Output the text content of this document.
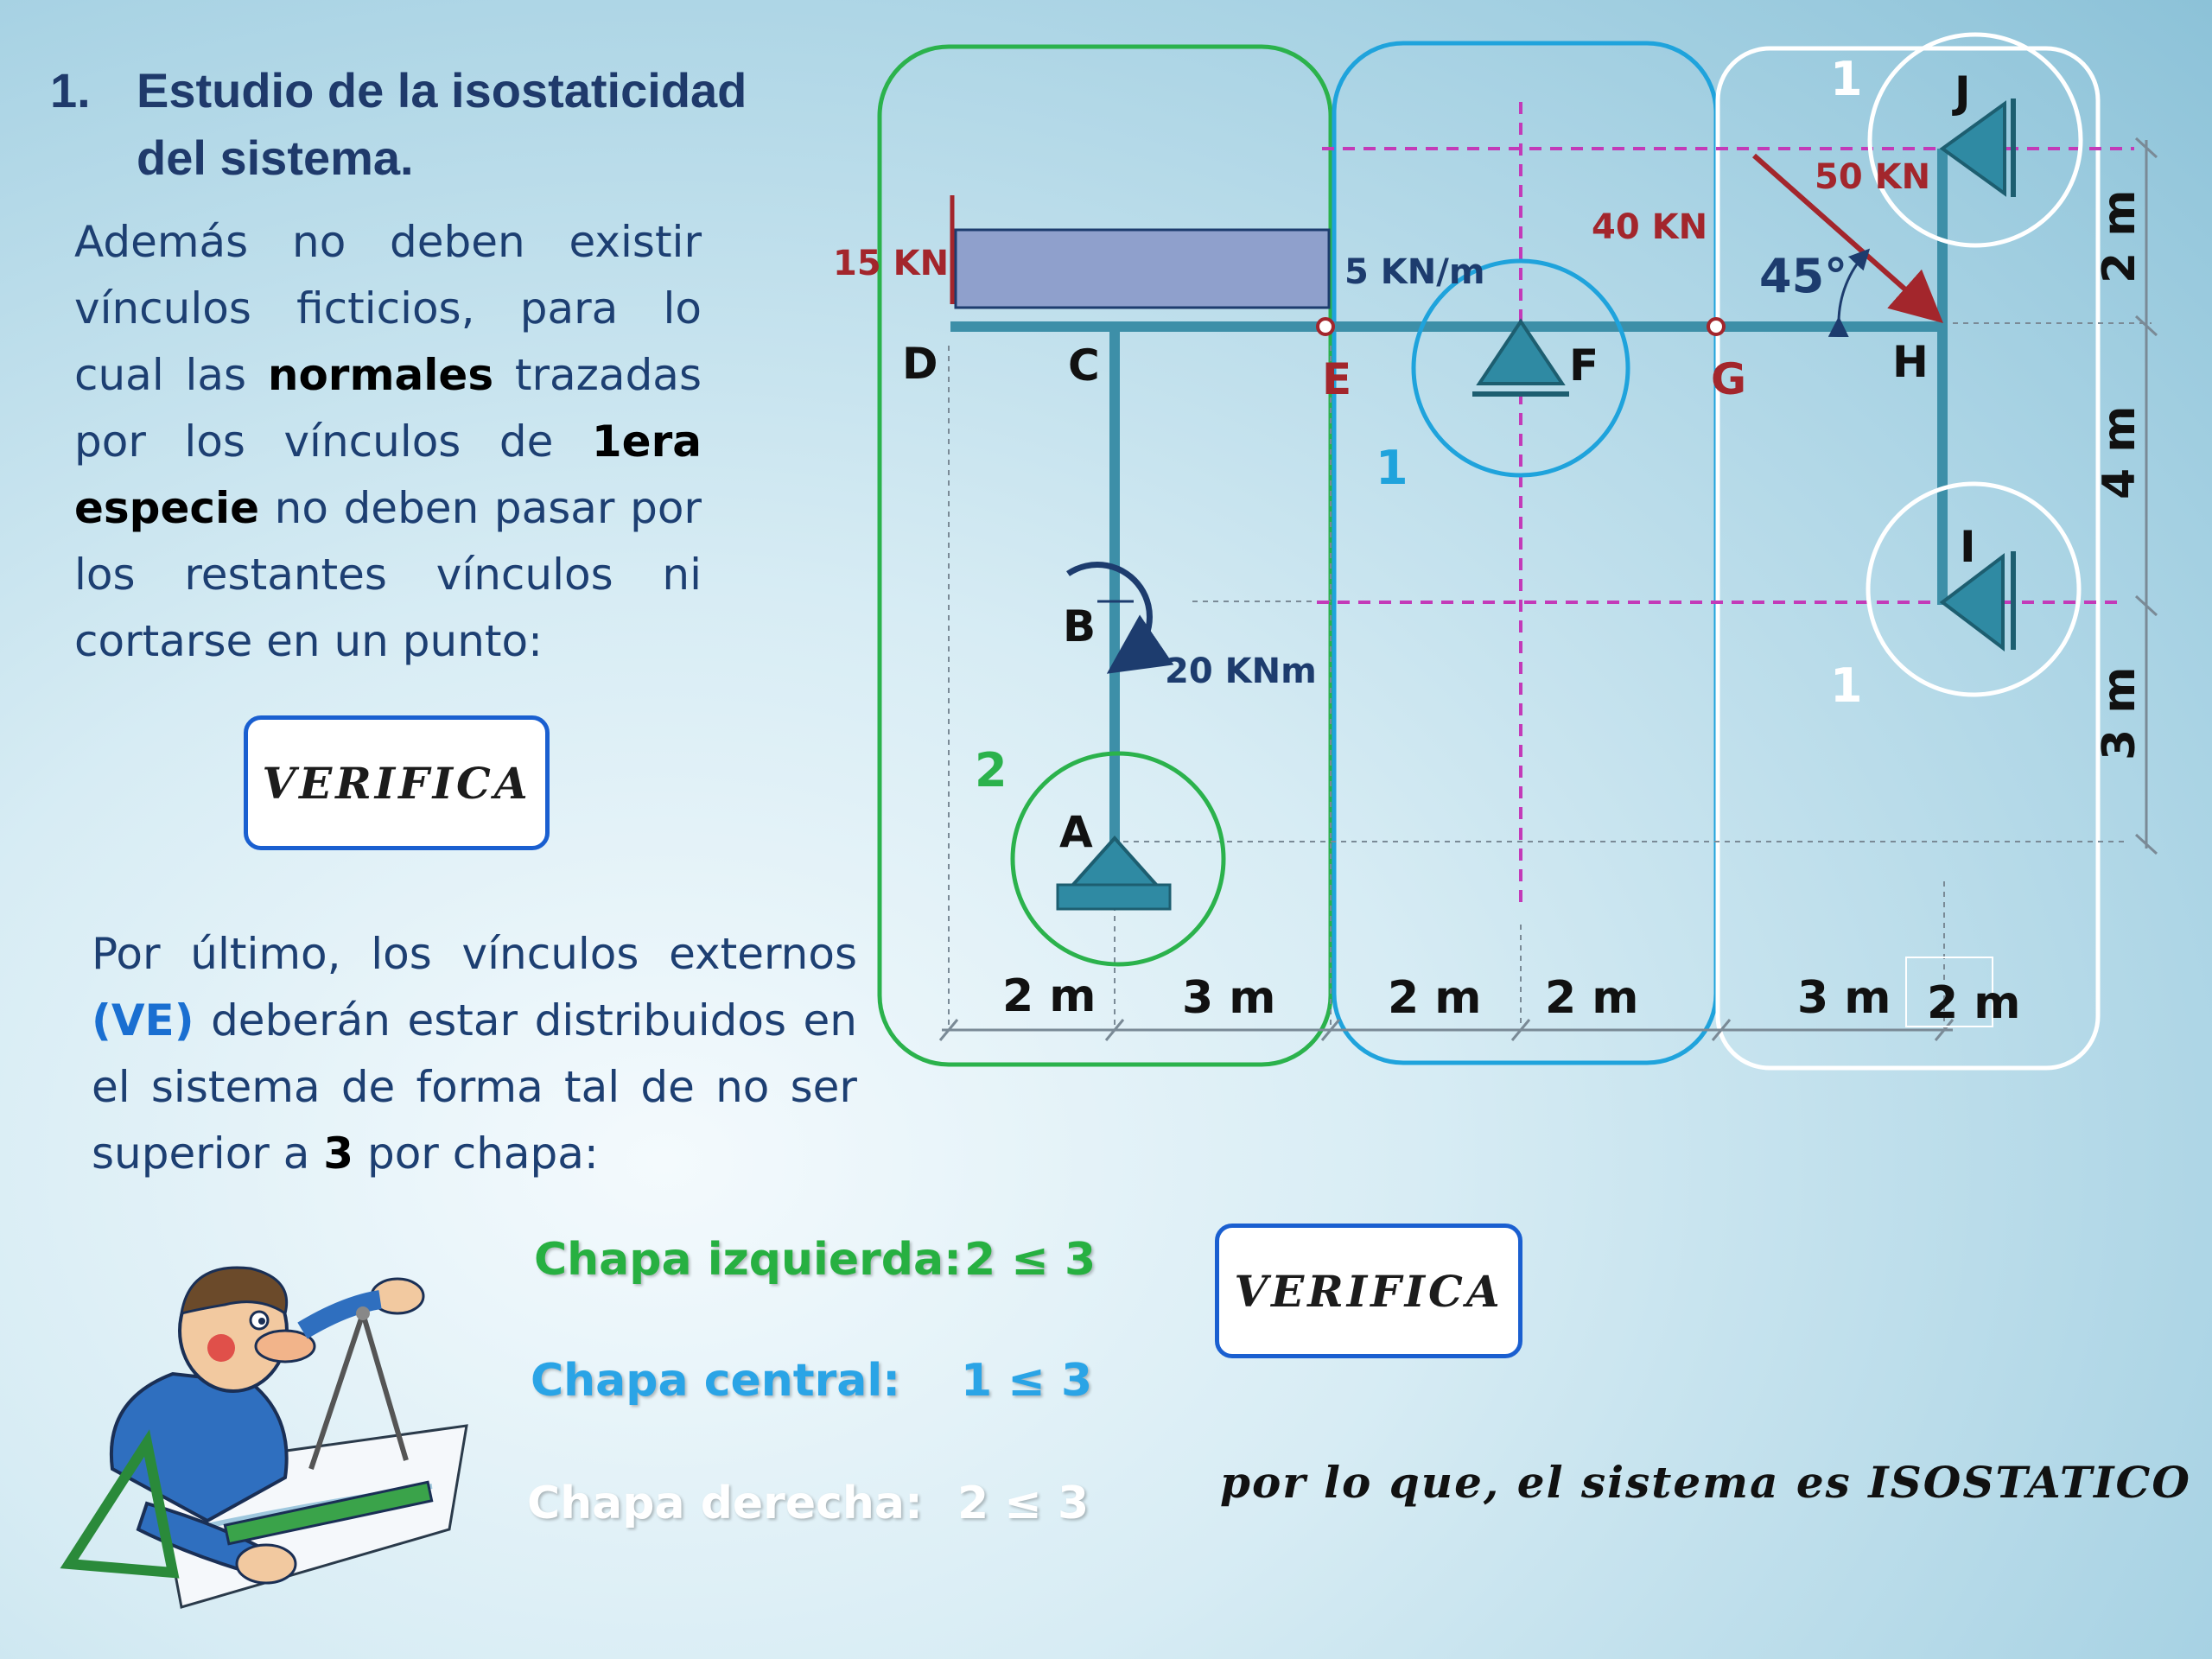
1. Estudio de la isostaticidad del sistema.
Además no deben existir vínculos ficticios, para lo cual las normales trazadas por los vínculos de 1era especie no deben pasar por los restantes vínculos ni cortarse en un punto:
VERIFICA
Por último, los vínculos externos (VE) deberán estar distribuidos en el sistema de forma tal de no ser superior a 3 por chapa:
Chapa izquierda: 2 ≤ 3
Chapa central: 1 ≤ 3
Chapa derecha: 2 ≤ 3
VERIFICA
por lo que, el sistema es ISOSTATICO
D	C
B
A
F	H
I
J
E	G
15 KN
40 KN
50 KN
5 KN/m	45°
20 KNm
2 m 3 m 2 m 2 m	3 m 2 m
2 m
4 m
3 m
2
1
1
1
